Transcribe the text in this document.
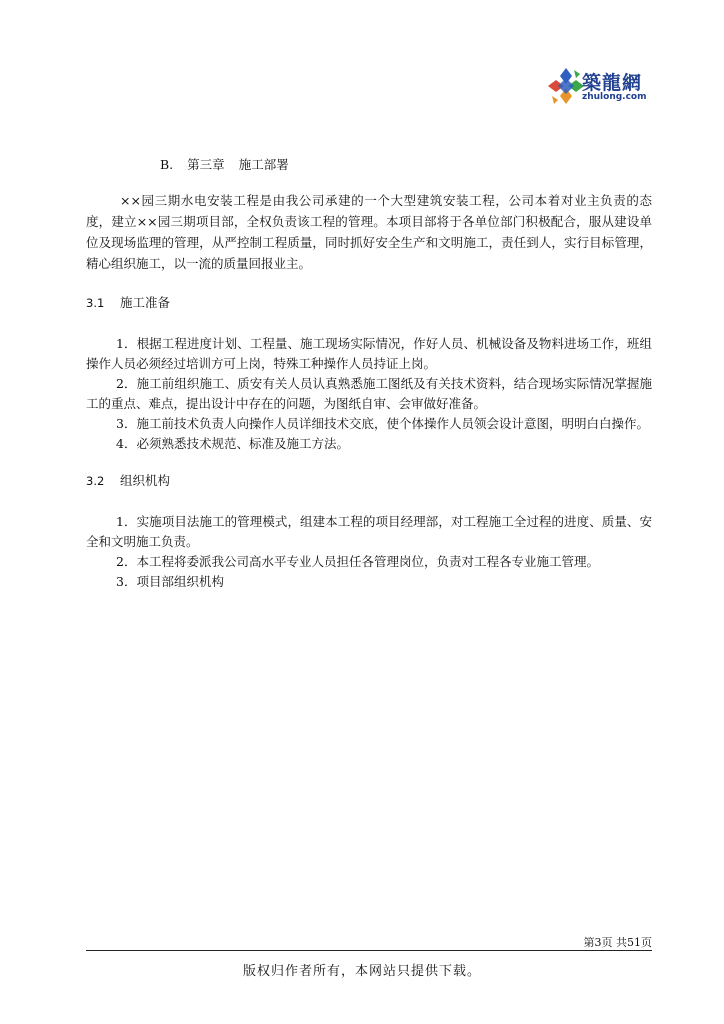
築龍網
zhulong.com
B. 第三章 施工部署

××园三期水电安装工程是由我公司承建的一个大型建筑安装工程，公司本着对业主负责的态度，建立××园三期项目部，全权负责该工程的管理。本项目部将于各单位部门积极配合，服从建设单位及现场监理的管理，从严控制工程质量，同时抓好安全生产和文明施工，责任到人，实行目标管理，精心组织施工，以一流的质量回报业主。

3.1 施工准备
1．根据工程进度计划、工程量、施工现场实际情况，作好人员、机械设备及物料进场工作，班组操作人员必须经过培训方可上岗，特殊工种操作人员持证上岗。
2．施工前组织施工、质安有关人员认真熟悉施工图纸及有关技术资料，结合现场实际情况掌握施工的重点、难点，提出设计中存在的问题，为图纸自审、会审做好准备。
3．施工前技术负责人向操作人员详细技术交底，使个体操作人员领会设计意图，明明白白操作。
4．必须熟悉技术规范、标准及施工方法。
3.2 组织机构
1．实施项目法施工的管理模式，组建本工程的项目经理部，对工程施工全过程的进度、质量、安全和文明施工负责。
2．本工程将委派我公司高水平专业人员担任各管理岗位，负责对工程各专业施工管理。
3．项目部组织机构
第3页 共51页
版权归作者所有，本网站只提供下载。
